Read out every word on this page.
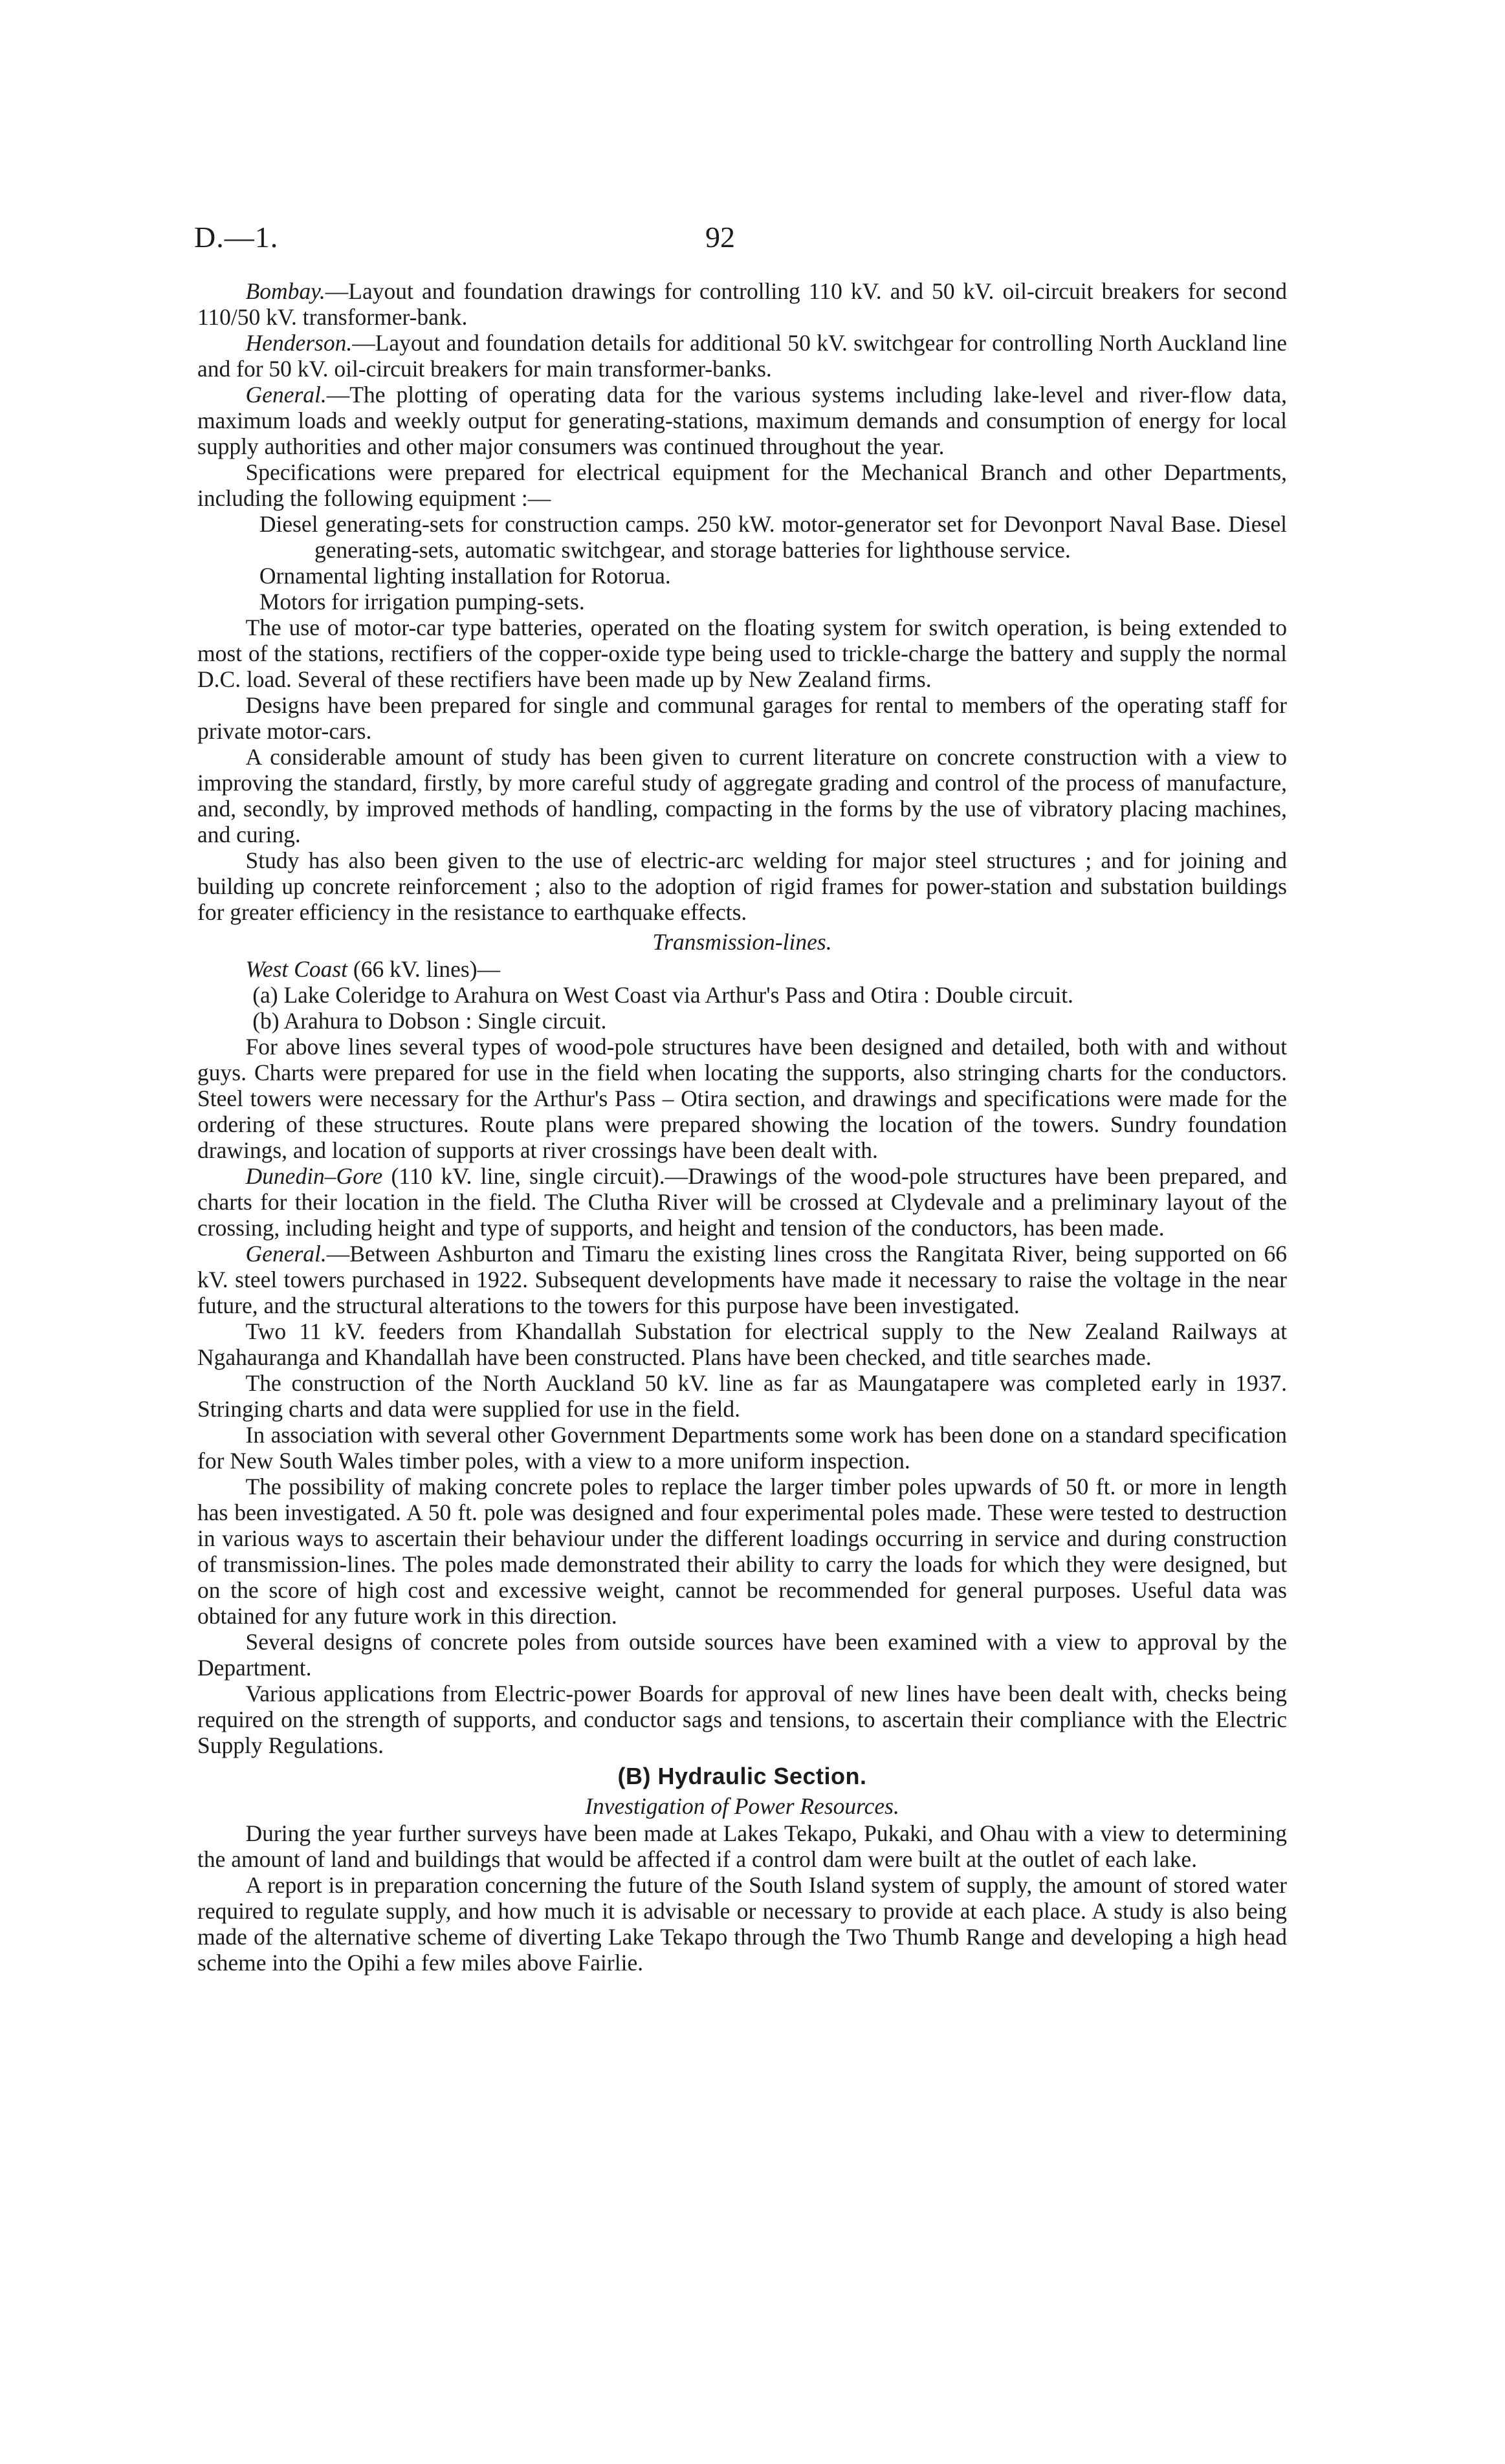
D.—1.	92

Bombay.—Layout and foundation drawings for controlling 110 kV. and 50 kV. oil-circuit breakers for second 110/50 kV. transformer-bank.

Henderson.—Layout and foundation details for additional 50 kV. switchgear for controlling North Auckland line and for 50 kV. oil-circuit breakers for main transformer-banks.

General.—The plotting of operating data for the various systems including lake-level and river-flow data, maximum loads and weekly output for generating-stations, maximum demands and consumption of energy for local supply authorities and other major consumers was continued throughout the year.

Specifications were prepared for electrical equipment for the Mechanical Branch and other Departments, including the following equipment :—

Diesel generating-sets for construction camps. 250 kW. motor-generator set for Devonport Naval Base. Diesel generating-sets, automatic switchgear, and storage batteries for lighthouse service.

Ornamental lighting installation for Rotorua.

Motors for irrigation pumping-sets.

The use of motor-car type batteries, operated on the floating system for switch operation, is being extended to most of the stations, rectifiers of the copper-oxide type being used to trickle-charge the battery and supply the normal D.C. load. Several of these rectifiers have been made up by New Zealand firms.

Designs have been prepared for single and communal garages for rental to members of the operating staff for private motor-cars.

A considerable amount of study has been given to current literature on concrete construction with a view to improving the standard, firstly, by more careful study of aggregate grading and control of the process of manufacture, and, secondly, by improved methods of handling, compacting in the forms by the use of vibratory placing machines, and curing.

Study has also been given to the use of electric-arc welding for major steel structures ; and for joining and building up concrete reinforcement ; also to the adoption of rigid frames for power-station and substation buildings for greater efficiency in the resistance to earthquake effects.

Transmission-lines.

West Coast (66 kV. lines)—

(a) Lake Coleridge to Arahura on West Coast via Arthur's Pass and Otira : Double circuit.

(b) Arahura to Dobson : Single circuit.

For above lines several types of wood-pole structures have been designed and detailed, both with and without guys. Charts were prepared for use in the field when locating the supports, also stringing charts for the conductors. Steel towers were necessary for the Arthur's Pass – Otira section, and drawings and specifications were made for the ordering of these structures. Route plans were prepared showing the location of the towers. Sundry foundation drawings, and location of supports at river crossings have been dealt with.

Dunedin–Gore (110 kV. line, single circuit).—Drawings of the wood-pole structures have been prepared, and charts for their location in the field. The Clutha River will be crossed at Clydevale and a preliminary layout of the crossing, including height and type of supports, and height and tension of the conductors, has been made.

General.—Between Ashburton and Timaru the existing lines cross the Rangitata River, being supported on 66 kV. steel towers purchased in 1922. Subsequent developments have made it necessary to raise the voltage in the near future, and the structural alterations to the towers for this purpose have been investigated.

Two 11 kV. feeders from Khandallah Substation for electrical supply to the New Zealand Railways at Ngahauranga and Khandallah have been constructed. Plans have been checked, and title searches made.

The construction of the North Auckland 50 kV. line as far as Maungatapere was completed early in 1937. Stringing charts and data were supplied for use in the field.

In association with several other Government Departments some work has been done on a standard specification for New South Wales timber poles, with a view to a more uniform inspection.

The possibility of making concrete poles to replace the larger timber poles upwards of 50 ft. or more in length has been investigated. A 50 ft. pole was designed and four experimental poles made. These were tested to destruction in various ways to ascertain their behaviour under the different loadings occurring in service and during construction of transmission-lines. The poles made demonstrated their ability to carry the loads for which they were designed, but on the score of high cost and excessive weight, cannot be recommended for general purposes. Useful data was obtained for any future work in this direction.

Several designs of concrete poles from outside sources have been examined with a view to approval by the Department.

Various applications from Electric-power Boards for approval of new lines have been dealt with, checks being required on the strength of supports, and conductor sags and tensions, to ascertain their compliance with the Electric Supply Regulations.

(B) Hydraulic Section.

Investigation of Power Resources.

During the year further surveys have been made at Lakes Tekapo, Pukaki, and Ohau with a view to determining the amount of land and buildings that would be affected if a control dam were built at the outlet of each lake.

A report is in preparation concerning the future of the South Island system of supply, the amount of stored water required to regulate supply, and how much it is advisable or necessary to provide at each place. A study is also being made of the alternative scheme of diverting Lake Tekapo through the Two Thumb Range and developing a high head scheme into the Opihi a few miles above Fairlie.
